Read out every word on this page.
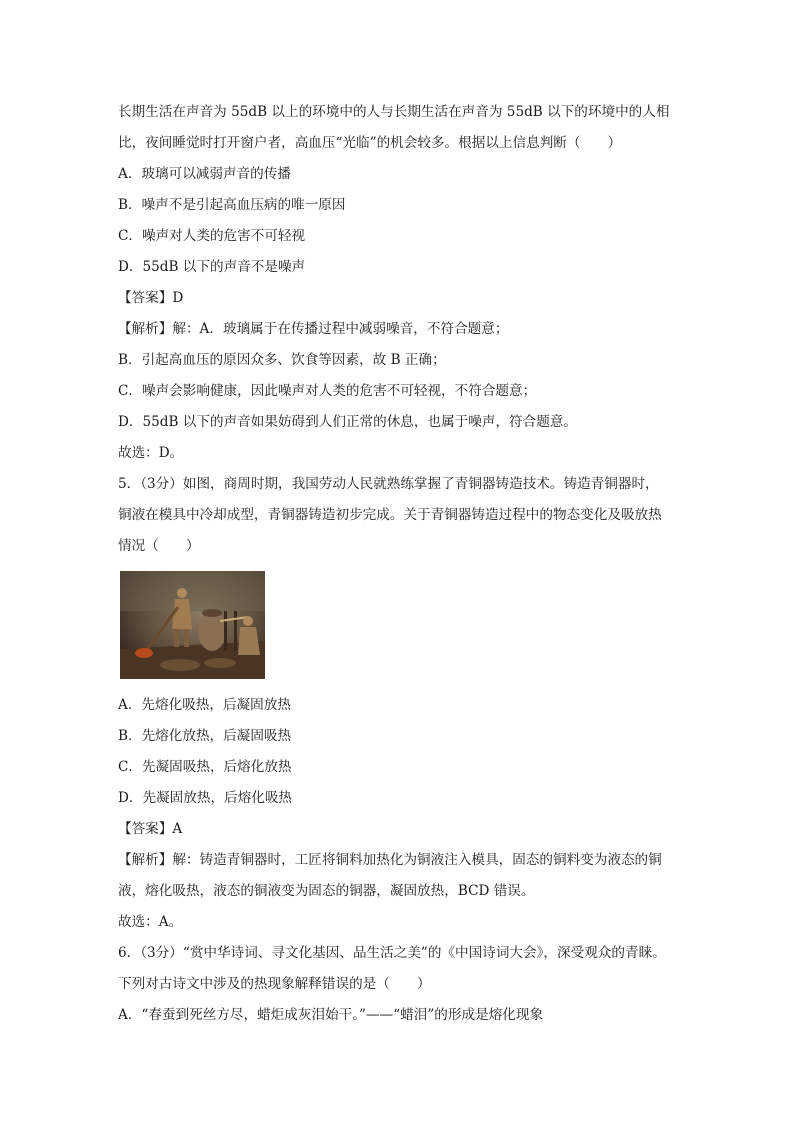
长期生活在声音为 55dB 以上的环境中的人与长期生活在声音为 55dB 以下的环境中的人相
比，夜间睡觉时打开窗户者，高血压“光临”的机会较多。根据以上信息判断（　　）
A．玻璃可以减弱声音的传播
B．噪声不是引起高血压病的唯一原因
C．噪声对人类的危害不可轻视
D．55dB 以下的声音不是噪声
【答案】D
【解析】解：A．玻璃属于在传播过程中减弱噪音，不符合题意；
B．引起高血压的原因众多、饮食等因素，故 B 正确；
C．噪声会影响健康，因此噪声对人类的危害不可轻视，不符合题意；
D．55dB 以下的声音如果妨碍到人们正常的休息，也属于噪声，符合题意。
故选：D。
5．（3分）如图，商周时期，我国劳动人民就熟练掌握了青铜器铸造技术。铸造青铜器时，
铜液在模具中冷却成型，青铜器铸造初步完成。关于青铜器铸造过程中的物态变化及吸放热
情况（　　）
A．先熔化吸热，后凝固放热
B．先熔化放热，后凝固吸热
C．先凝固吸热，后熔化放热
D．先凝固放热，后熔化吸热
【答案】A
【解析】解：铸造青铜器时，工匠将铜料加热化为铜液注入模具，固态的铜料变为液态的铜
液，熔化吸热，液态的铜液变为固态的铜器，凝固放热，BCD 错误。
故选：A。
6．（3分）“赏中华诗词、寻文化基因、品生活之美”的《中国诗词大会》，深受观众的青睐。
下列对古诗文中涉及的热现象解释错误的是（　　）
A．“春蚕到死丝方尽，蜡炬成灰泪始干。”——“蜡泪”的形成是熔化现象
